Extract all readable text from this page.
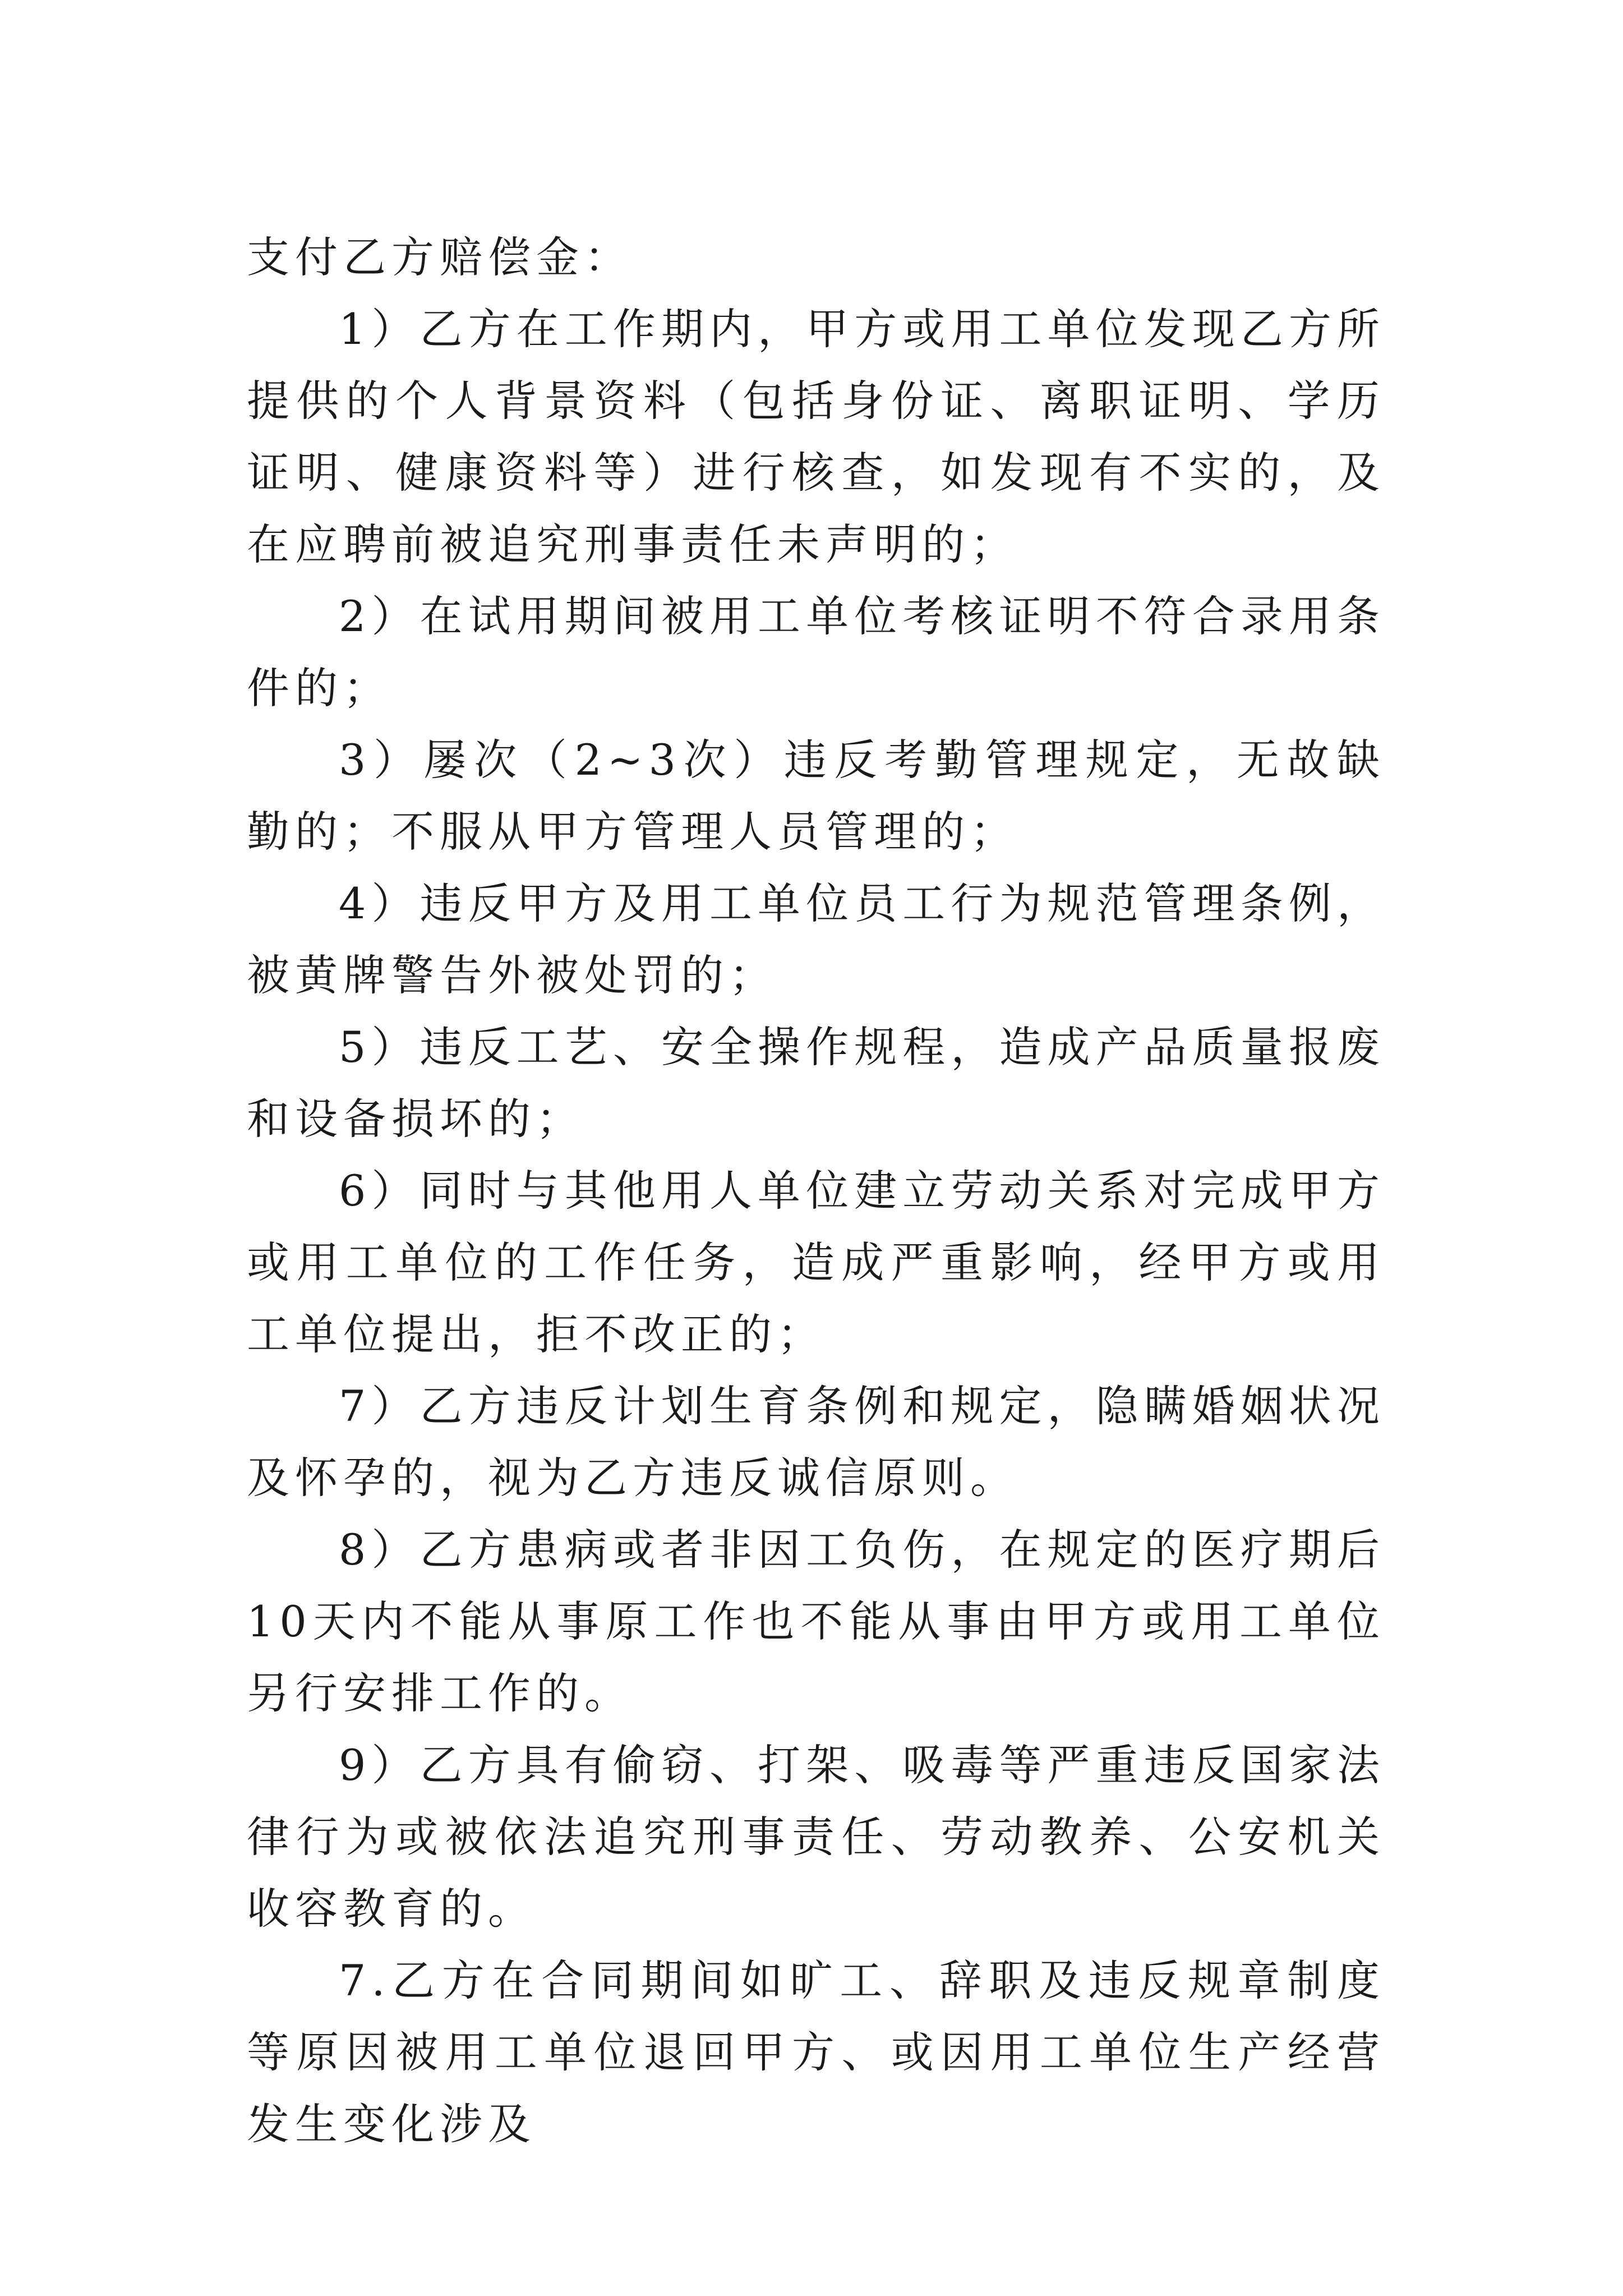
支付乙方赔偿金：

1）乙方在工作期内，甲方或用工单位发现乙方所提供的个人背景资料（包括身份证、离职证明、学历证明、健康资料等）进行核查，如发现有不实的，及在应聘前被追究刑事责任未声明的；

2）在试用期间被用工单位考核证明不符合录用条件的；

3）屡次（2~3次）违反考勤管理规定，无故缺勤的；不服从甲方管理人员管理的；

4）违反甲方及用工单位员工行为规范管理条例，被黄牌警告外被处罚的；

5）违反工艺、安全操作规程，造成产品质量报废和设备损坏的；

6）同时与其他用人单位建立劳动关系对完成甲方或用工单位的工作任务，造成严重影响，经甲方或用工单位提出，拒不改正的；

7）乙方违反计划生育条例和规定，隐瞒婚姻状况及怀孕的，视为乙方违反诚信原则。

8）乙方患病或者非因工负伤，在规定的医疗期后10天内不能从事原工作也不能从事由甲方或用工单位另行安排工作的。

9）乙方具有偷窃、打架、吸毒等严重违反国家法律行为或被依法追究刑事责任、劳动教养、公安机关收容教育的。

7.乙方在合同期间如旷工、辞职及违反规章制度等原因被用工单位退回甲方、或因用工单位生产经营发生变化涉及
